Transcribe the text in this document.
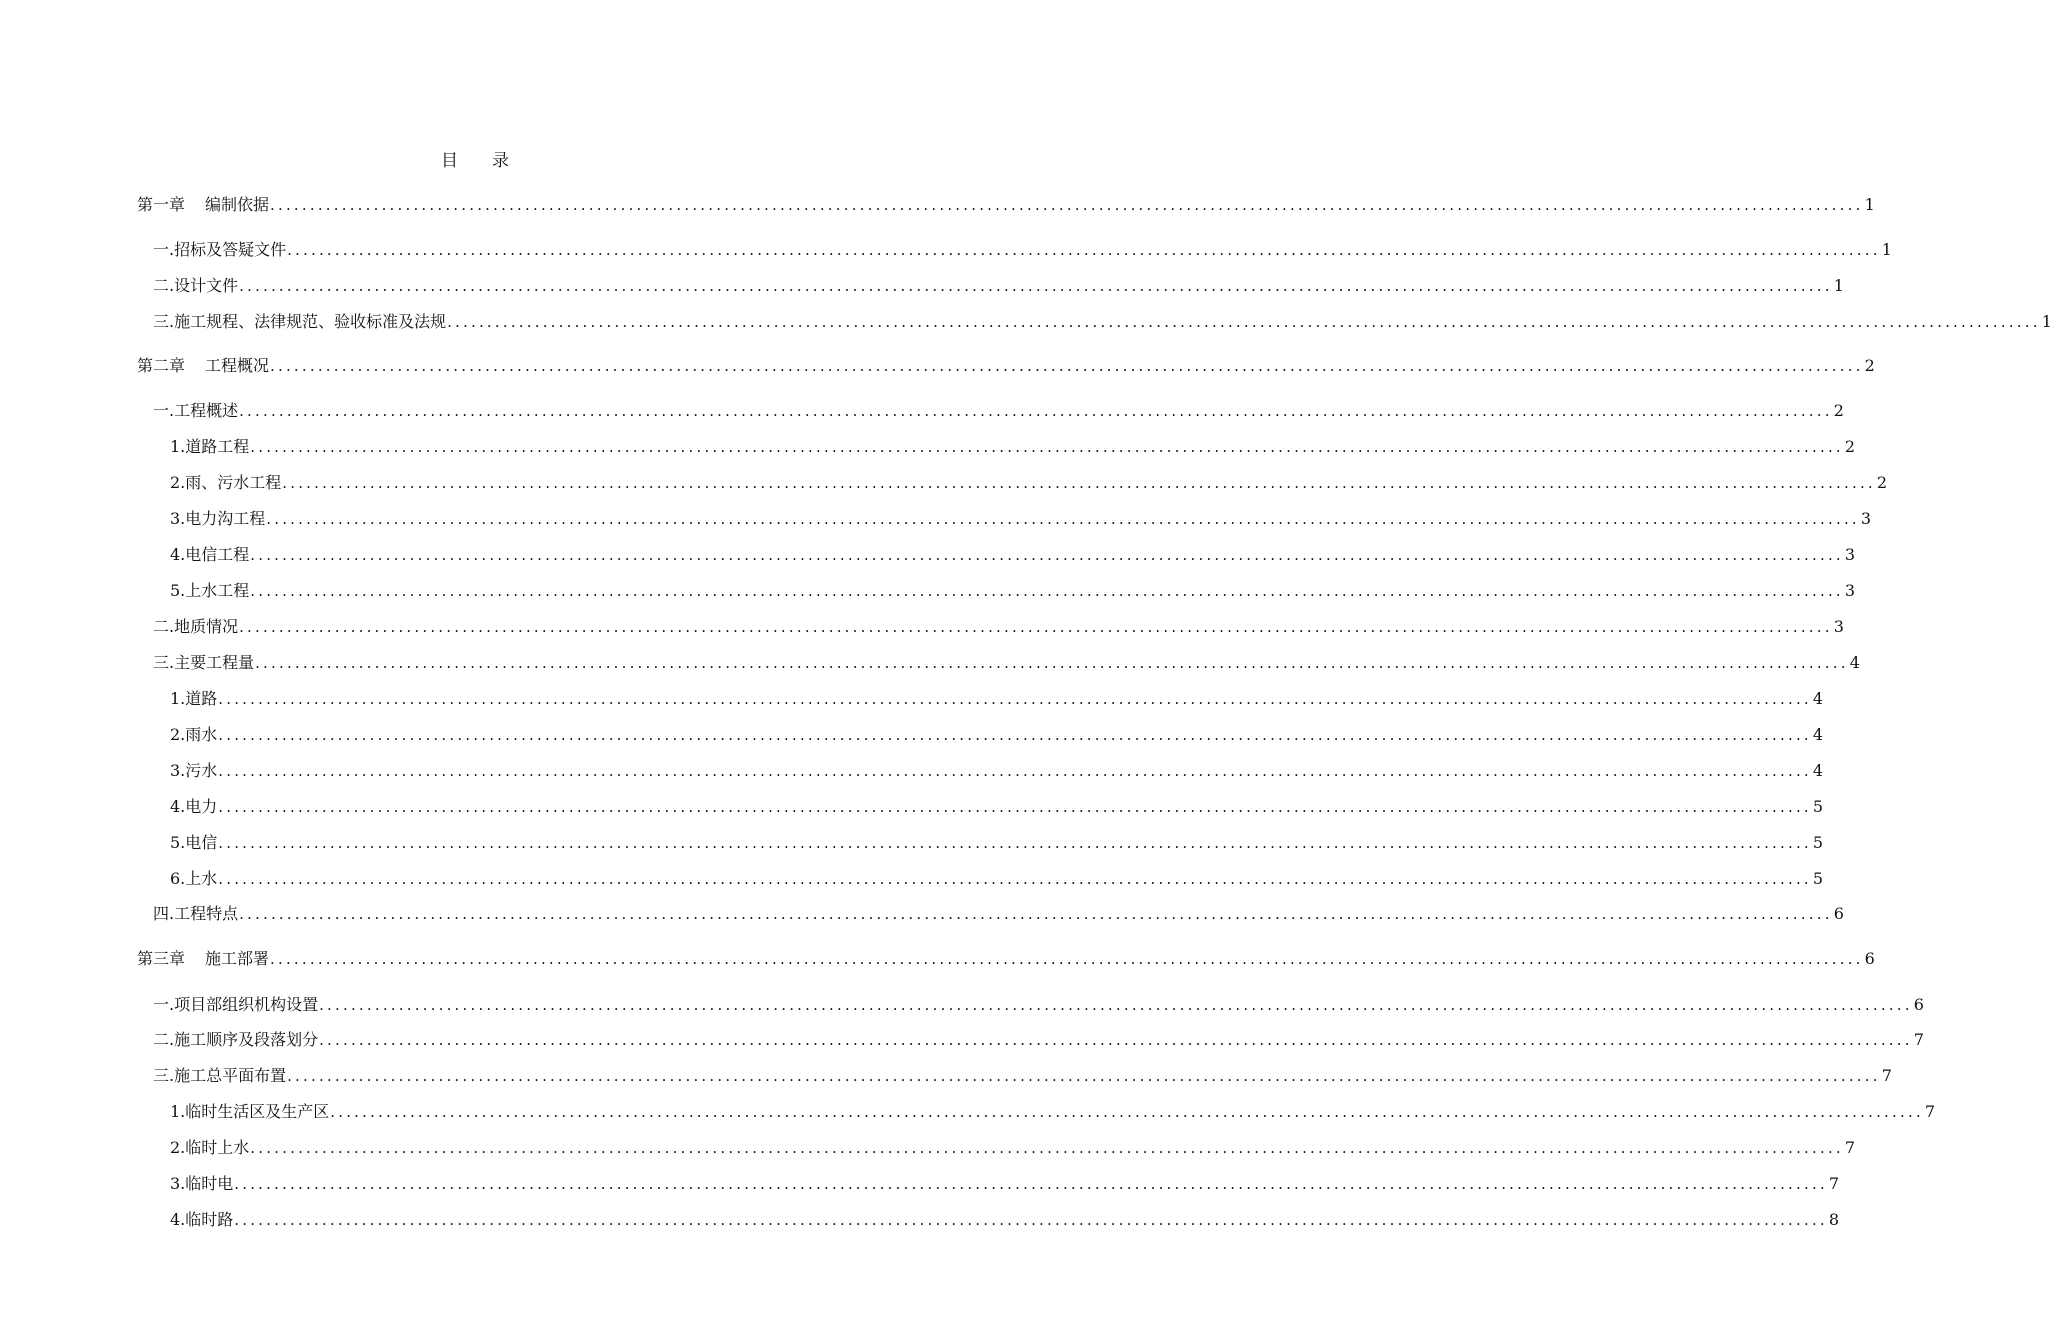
目 录
第一章 编制依据 ........................................................................................................................................................................................................ 1
一.招标及答疑文件 ........................................................................................................................................................................................................ 1
二.设计文件 ........................................................................................................................................................................................................ 1
三.施工规程、法律规范、验收标准及法规 ........................................................................................................................................................................................................ 1
第二章 工程概况 ........................................................................................................................................................................................................ 2
一.工程概述 ........................................................................................................................................................................................................ 2
1.道路工程 ........................................................................................................................................................................................................ 2
2.雨、污水工程 ........................................................................................................................................................................................................ 2
3.电力沟工程 ........................................................................................................................................................................................................ 3
4.电信工程 ........................................................................................................................................................................................................ 3
5.上水工程 ........................................................................................................................................................................................................ 3
二.地质情况 ........................................................................................................................................................................................................ 3
三.主要工程量 ........................................................................................................................................................................................................ 4
1.道路 ........................................................................................................................................................................................................ 4
2.雨水 ........................................................................................................................................................................................................ 4
3.污水 ........................................................................................................................................................................................................ 4
4.电力 ........................................................................................................................................................................................................ 5
5.电信 ........................................................................................................................................................................................................ 5
6.上水 ........................................................................................................................................................................................................ 5
四.工程特点 ........................................................................................................................................................................................................ 6
第三章 施工部署 ........................................................................................................................................................................................................ 6
一.项目部组织机构设置 ........................................................................................................................................................................................................ 6
二.施工顺序及段落划分 ........................................................................................................................................................................................................ 7
三.施工总平面布置 ........................................................................................................................................................................................................ 7
1.临时生活区及生产区 ........................................................................................................................................................................................................ 7
2.临时上水 ........................................................................................................................................................................................................ 7
3.临时电 ........................................................................................................................................................................................................ 7
4.临时路 ........................................................................................................................................................................................................ 8
